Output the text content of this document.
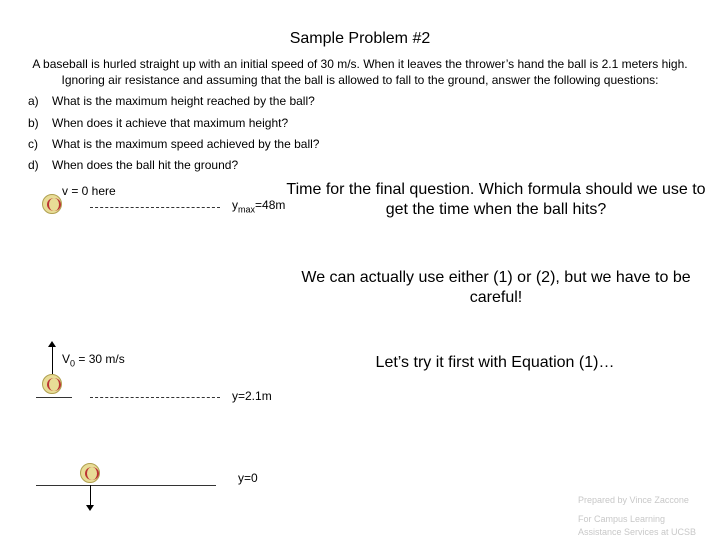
Sample Problem #2
A baseball is hurled straight up with an initial speed of 30 m/s. When it leaves the thrower’s hand the ball is 2.1 meters high. Ignoring air resistance and assuming that the ball is allowed to fall to the ground, answer the following questions:
a) What is the maximum height reached by the ball?
b) When does it achieve that maximum height?
c) What is the maximum speed achieved by the ball?
d) When does the ball hit the ground?
v = 0 here
$y_{max}=48m$
$V_0 = 30$ m/s
y=2.1m
y=0
Time for the final question. Which formula should we use to get the time when the ball hits?
We can actually use either (1) or (2), but we have to be careful!
Let’s try it first with Equation (1)…
Prepared by Vince Zaccone
For Campus Learning
Assistance Services at UCSB
